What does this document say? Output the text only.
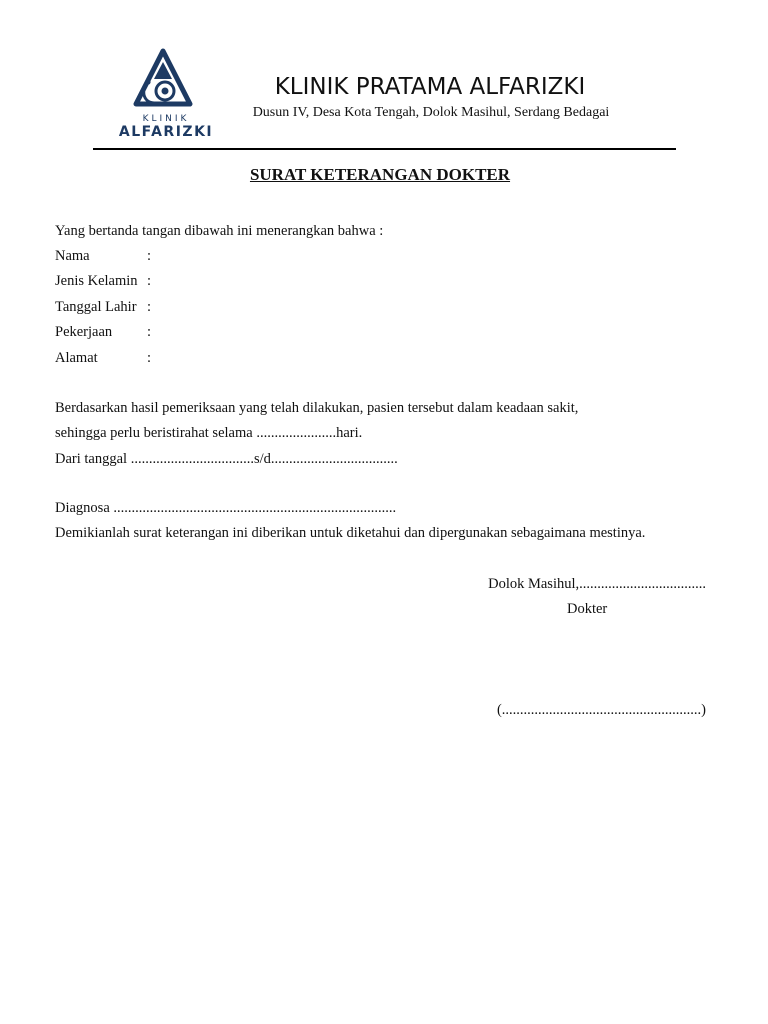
KLINIK
ALFARIZKI
KLINIK PRATAMA ALFARIZKI
Dusun IV, Desa Kota Tengah, Dolok Masihul, Serdang Bedagai
SURAT KETERANGAN DOKTER
Yang bertanda tangan dibawah ini menerangkan bahwa :
Nama	:
Jenis Kelamin :
Tanggal Lahir :
Pekerjaan :
Alamat	:
Berdasarkan hasil pemeriksaan yang telah dilakukan, pasien tersebut dalam keadaan sakit,
sehingga perlu beristirahat selama ......................hari.
Dari tanggal ..................................s/d...................................
Diagnosa ..............................................................................
Demikianlah surat keterangan ini diberikan untuk diketahui dan dipergunakan sebagaimana mestinya.
Dolok Masihul,...................................
Dokter
(.......................................................)
